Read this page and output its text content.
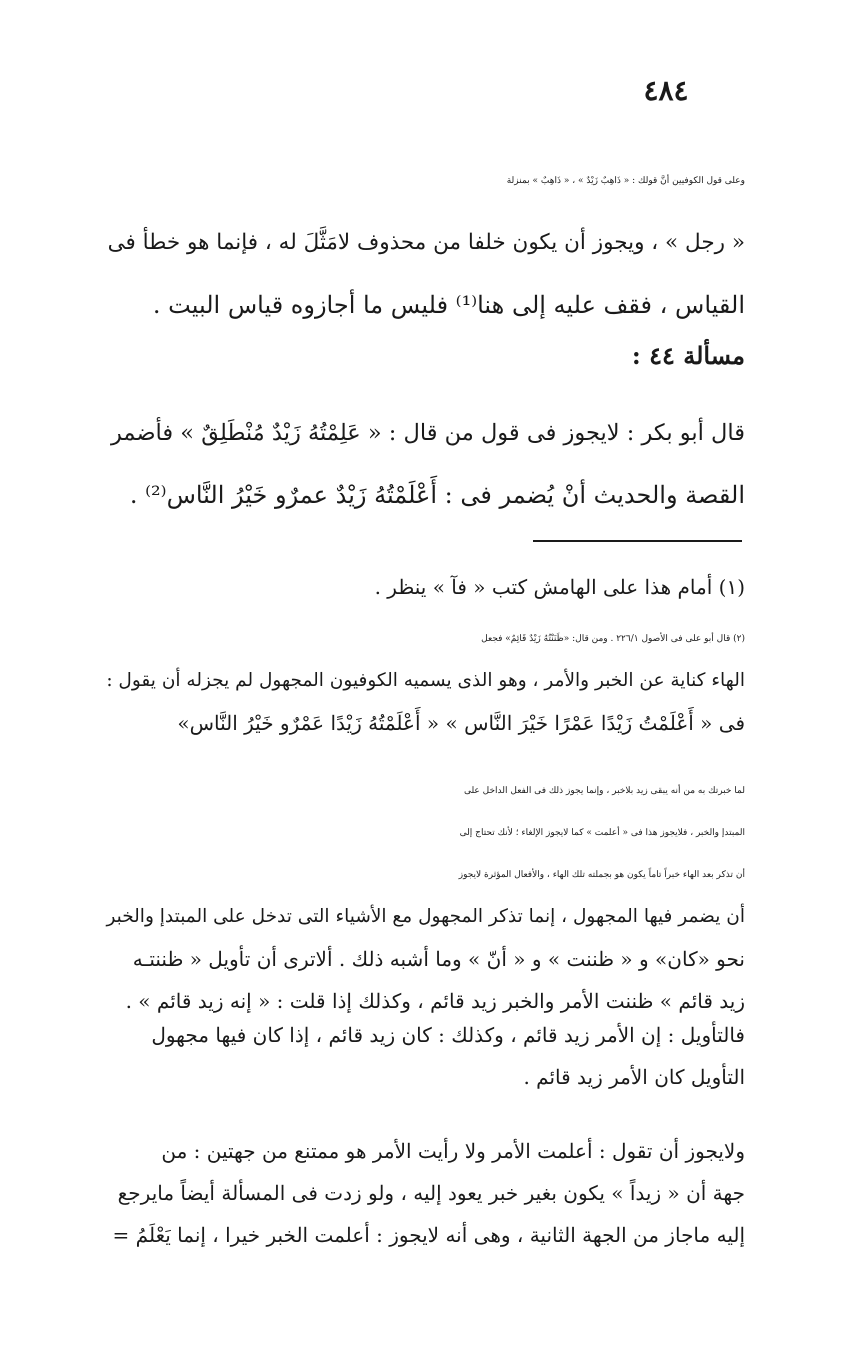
٤٨٤
وعلى قول الكوفيين أنَّ قولك : « ذَاهِبٌ زَيْدٌ » ، « ذَاهِبٌ » بمنزلة
« رجل » ، ويجوز أن يكون خلفا من محذوف لامَثَّلَ له ، فإنما هو خطأ فى
القياس ، فقف عليه إلى هنا⁽¹⁾ فليس ما أجازوه قياس البيت .
مسألة ٤٤ :
قال أبو بكر : لايجوز فى قول من قال : « عَلِمْتُهُ زَيْدٌ مُنْطَلِقٌ » فأضمر
القصة والحديث أنْ يُضمر فى : أَعْلَمْتُهُ زَيْدٌ عمرٌو خَيْرُ النَّاس⁽²⁾ .
(١) أمام هذا على الهامش كتب « فآ » ينظر .
(٢) قال أبو على فى الأصول ٢٢٦/١ . ومن قال: «ظَنَنْتُهُ زَيْدٌ قَائِمٌ» فجعل
الهاء كناية عن الخبر والأمر ، وهو الذى يسميه الكوفيون المجهول لم يجزله أن يقول :
فى « أَعْلَمْتُ زَيْدًا عَمْرًا خَيْرَ النَّاس » « أَعْلَمْتُهُ زَيْدًا عَمْرٌو خَيْرُ النَّاس»
لما خبرتك به من أنه يبقى زيد بلاخبر ، وإنما يجوز ذلك فى الفعل الداخل على
المبتدإ والخبر ، فلايجوز هذا فى « أعلمت » كما لايجوز الإلغاء ؛ لأنك تحتاج إلى
أن تذكر بعد الهاء خبراً تاماً يكون هو بجملته تلك الهاء ، والأفعال المؤثرة لايجوز
أن يضمر فيها المجهول ، إنما تذكر المجهول مع الأشياء التى تدخل على المبتدإ والخبر
نحو «كان» و « ظننت » و « أنّ » وما أشبه ذلك . ألاترى أن تأويل « ظننتـه
زيد قائم » ظننت الأمر والخبر زيد قائم ، وكذلك إذا قلت : « إنه زيد قائم » .
فالتأويل : إن الأمر زيد قائم ، وكذلك : كان زيد قائم ، إذا كان فيها مجهول
التأويل كان الأمر زيد قائم .
ولايجوز أن تقول : أعلمت الأمر ولا رأيت الأمر هو ممتنع من جهتين : من
جهة أن « زيداً » يكون بغير خبر يعود إليه ، ولو زدت فى المسألة أيضاً مايرجع
إليه ماجاز من الجهة الثانية ، وهى أنه لايجوز : أعلمت الخبر خيرا ، إنما يَعْلَمُ =
